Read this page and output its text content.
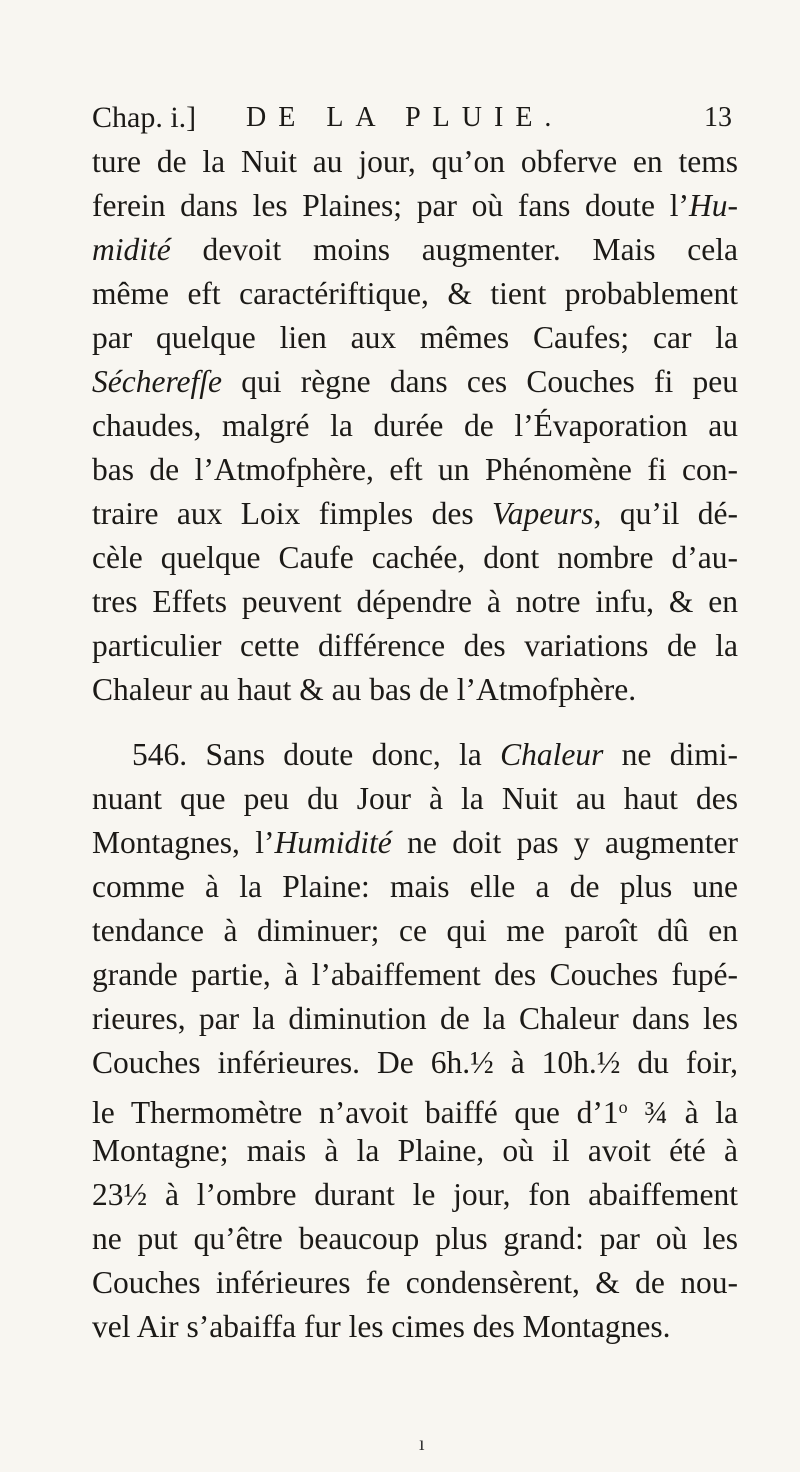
Chap. i.] DE LA PLUIE.	13
ture de la Nuit au jour, qu’on obferve en tems
ferein dans les Plaines; par où fans doute l’Hu-
midité devoit moins augmenter. Mais cela
même eft caractériftique, & tient probablement
par quelque lien aux mêmes Caufes; car la
Sécherefſe qui règne dans ces Couches fi peu
chaudes, malgré la durée de l’Évaporation au
bas de l’Atmofphère, eft un Phénomène fi con-
traire aux Loix fimples des Vapeurs, qu’il dé-
cèle quelque Caufe cachée, dont nombre d’au-
tres Effets peuvent dépendre à notre infu, & en
particulier cette différence des variations de la
Chaleur au haut & au bas de l’Atmofphère.
546. Sans doute donc, la Chaleur ne dimi-
nuant que peu du Jour à la Nuit au haut des
Montagnes, l’Humidité ne doit pas y augmenter
comme à la Plaine: mais elle a de plus une
tendance à diminuer; ce qui me paroît dû en
grande partie, à l’abaiffement des Couches fupé-
rieures, par la diminution de la Chaleur dans les
Couches inférieures. De 6h.½ à 10h.½ du foir,
le Thermomètre n’avoit baiffé que d’1$^o$ ¾ à la
Montagne; mais à la Plaine, où il avoit été à
23½ à l’ombre durant le jour, fon abaiffement
ne put qu’être beaucoup plus grand: par où les
Couches inférieures fe condensèrent, & de nou-
vel Air s’abaiffa fur les cimes des Montagnes.
ı
